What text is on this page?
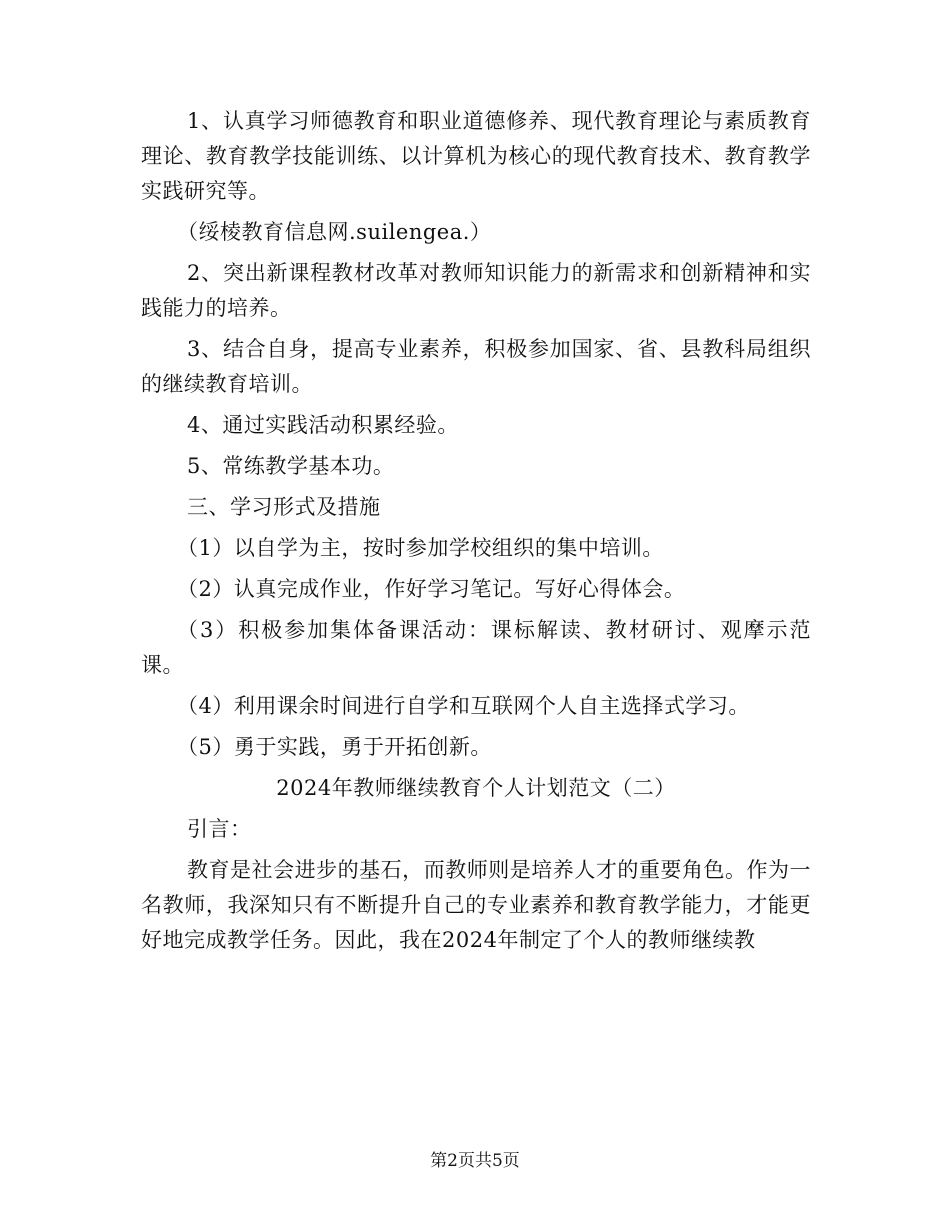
1、认真学习师德教育和职业道德修养、现代教育理论与素质教育理论、教育教学技能训练、以计算机为核心的现代教育技术、教育教学实践研究等。

（绥棱教育信息网.suilengea.）

2、突出新课程教材改革对教师知识能力的新需求和创新精神和实践能力的培养。

3、结合自身，提高专业素养，积极参加国家、省、县教科局组织的继续教育培训。

4、通过实践活动积累经验。

5、常练教学基本功。

三、学习形式及措施

（1）以自学为主，按时参加学校组织的集中培训。

（2）认真完成作业，作好学习笔记。写好心得体会。

（3）积极参加集体备课活动：课标解读、教材研讨、观摩示范课。

（4）利用课余时间进行自学和互联网个人自主选择式学习。

（5）勇于实践，勇于开拓创新。

2024年教师继续教育个人计划范文（二）

引言：

教育是社会进步的基石，而教师则是培养人才的重要角色。作为一名教师，我深知只有不断提升自己的专业素养和教育教学能力，才能更好地完成教学任务。因此，我在2024年制定了个人的教师继续教

第2页共5页
